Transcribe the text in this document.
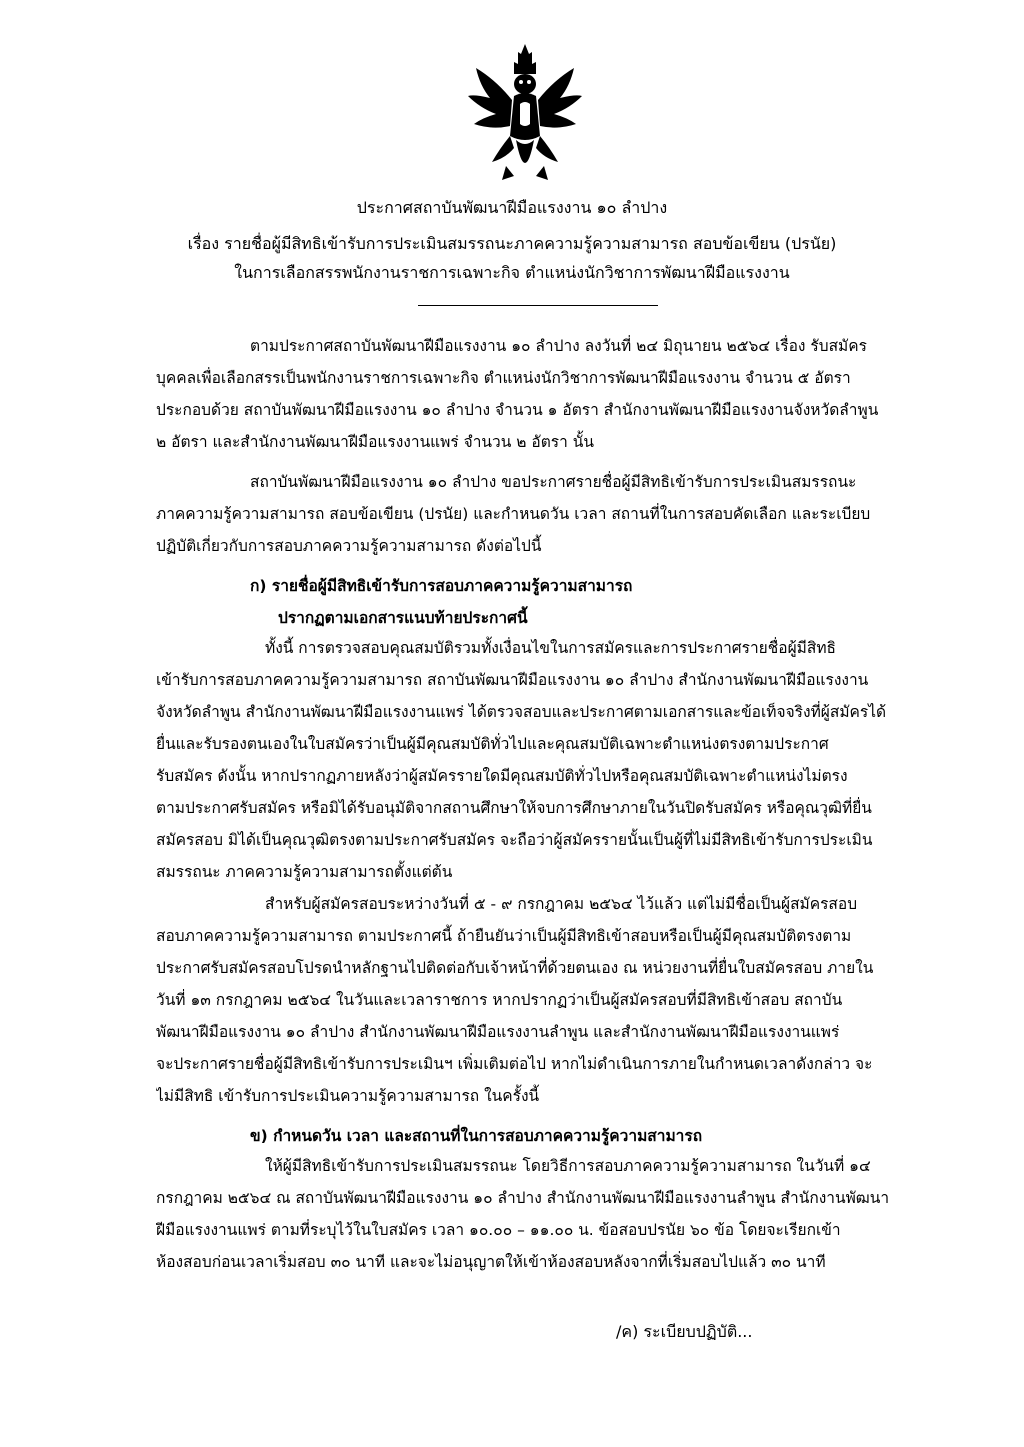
ประกาศสถาบันพัฒนาฝีมือแรงงาน ๑๐ ลำปาง
เรื่อง รายชื่อผู้มีสิทธิเข้ารับการประเมินสมรรถนะภาคความรู้ความสามารถ สอบข้อเขียน (ปรนัย)
ในการเลือกสรรพนักงานราชการเฉพาะกิจ ตำแหน่งนักวิชาการพัฒนาฝีมือแรงงาน
ตามประกาศสถาบันพัฒนาฝีมือแรงงาน ๑๐ ลำปาง ลงวันที่ ๒๔ มิถุนายน ๒๕๖๔ เรื่อง รับสมัคร
บุคคลเพื่อเลือกสรรเป็นพนักงานราชการเฉพาะกิจ ตำแหน่งนักวิชาการพัฒนาฝีมือแรงงาน จำนวน ๕ อัตรา
ประกอบด้วย สถาบันพัฒนาฝีมือแรงงาน ๑๐ ลำปาง จำนวน ๑ อัตรา สำนักงานพัฒนาฝีมือแรงงานจังหวัดลำพูน
๒ อัตรา และสำนักงานพัฒนาฝีมือแรงงานแพร่ จำนวน ๒ อัตรา นั้น
สถาบันพัฒนาฝีมือแรงงาน ๑๐ ลำปาง ขอประกาศรายชื่อผู้มีสิทธิเข้ารับการประเมินสมรรถนะ
ภาคความรู้ความสามารถ สอบข้อเขียน (ปรนัย) และกำหนดวัน เวลา สถานที่ในการสอบคัดเลือก และระเบียบ
ปฏิบัติเกี่ยวกับการสอบภาคความรู้ความสามารถ ดังต่อไปนี้
ก) รายชื่อผู้มีสิทธิเข้ารับการสอบภาคความรู้ความสามารถ
ปรากฏตามเอกสารแนบท้ายประกาศนี้
ทั้งนี้ การตรวจสอบคุณสมบัติรวมทั้งเงื่อนไขในการสมัครและการประกาศรายชื่อผู้มีสิทธิ
เข้ารับการสอบภาคความรู้ความสามารถ สถาบันพัฒนาฝีมือแรงงาน ๑๐ ลำปาง สำนักงานพัฒนาฝีมือแรงงาน
จังหวัดลำพูน สำนักงานพัฒนาฝีมือแรงงานแพร่ ได้ตรวจสอบและประกาศตามเอกสารและข้อเท็จจริงที่ผู้สมัครได้
ยื่นและรับรองตนเองในใบสมัครว่าเป็นผู้มีคุณสมบัติทั่วไปและคุณสมบัติเฉพาะตำแหน่งตรงตามประกาศ
รับสมัคร ดังนั้น หากปรากฏภายหลังว่าผู้สมัครรายใดมีคุณสมบัติทั่วไปหรือคุณสมบัติเฉพาะตำแหน่งไม่ตรง
ตามประกาศรับสมัคร หรือมิได้รับอนุมัติจากสถานศึกษาให้จบการศึกษาภายในวันปิดรับสมัคร หรือคุณวุฒิที่ยื่น
สมัครสอบ มิได้เป็นคุณวุฒิตรงตามประกาศรับสมัคร จะถือว่าผู้สมัครรายนั้นเป็นผู้ที่ไม่มีสิทธิเข้ารับการประเมิน
สมรรถนะ ภาคความรู้ความสามารถตั้งแต่ต้น
สำหรับผู้สมัครสอบระหว่างวันที่ ๕ - ๙ กรกฎาคม ๒๕๖๔ ไว้แล้ว แต่ไม่มีชื่อเป็นผู้สมัครสอบ
สอบภาคความรู้ความสามารถ ตามประกาศนี้ ถ้ายืนยันว่าเป็นผู้มีสิทธิเข้าสอบหรือเป็นผู้มีคุณสมบัติตรงตาม
ประกาศรับสมัครสอบโปรดนำหลักฐานไปติดต่อกับเจ้าหน้าที่ด้วยตนเอง ณ หน่วยงานที่ยื่นใบสมัครสอบ ภายใน
วันที่ ๑๓ กรกฎาคม ๒๕๖๔ ในวันและเวลาราชการ หากปรากฏว่าเป็นผู้สมัครสอบที่มีสิทธิเข้าสอบ สถาบัน
พัฒนาฝีมือแรงงาน ๑๐ ลำปาง สำนักงานพัฒนาฝีมือแรงงานลำพูน และสำนักงานพัฒนาฝีมือแรงงานแพร่
จะประกาศรายชื่อผู้มีสิทธิเข้ารับการประเมินฯ เพิ่มเติมต่อไป หากไม่ดำเนินการภายในกำหนดเวลาดังกล่าว จะ
ไม่มีสิทธิ เข้ารับการประเมินความรู้ความสามารถ ในครั้งนี้
ข) กำหนดวัน เวลา และสถานที่ในการสอบภาคความรู้ความสามารถ
ให้ผู้มีสิทธิเข้ารับการประเมินสมรรถนะ โดยวิธีการสอบภาคความรู้ความสามารถ ในวันที่ ๑๔
กรกฎาคม ๒๕๖๔ ณ สถาบันพัฒนาฝีมือแรงงาน ๑๐ ลำปาง สำนักงานพัฒนาฝีมือแรงงานลำพูน สำนักงานพัฒนา
ฝีมือแรงงานแพร่ ตามที่ระบุไว้ในใบสมัคร เวลา ๑๐.๐๐ – ๑๑.๐๐ น. ข้อสอบปรนัย ๖๐ ข้อ โดยจะเรียกเข้า
ห้องสอบก่อนเวลาเริ่มสอบ ๓๐ นาที และจะไม่อนุญาตให้เข้าห้องสอบหลังจากที่เริ่มสอบไปแล้ว ๓๐ นาที
/ค) ระเบียบปฏิบัติ...
